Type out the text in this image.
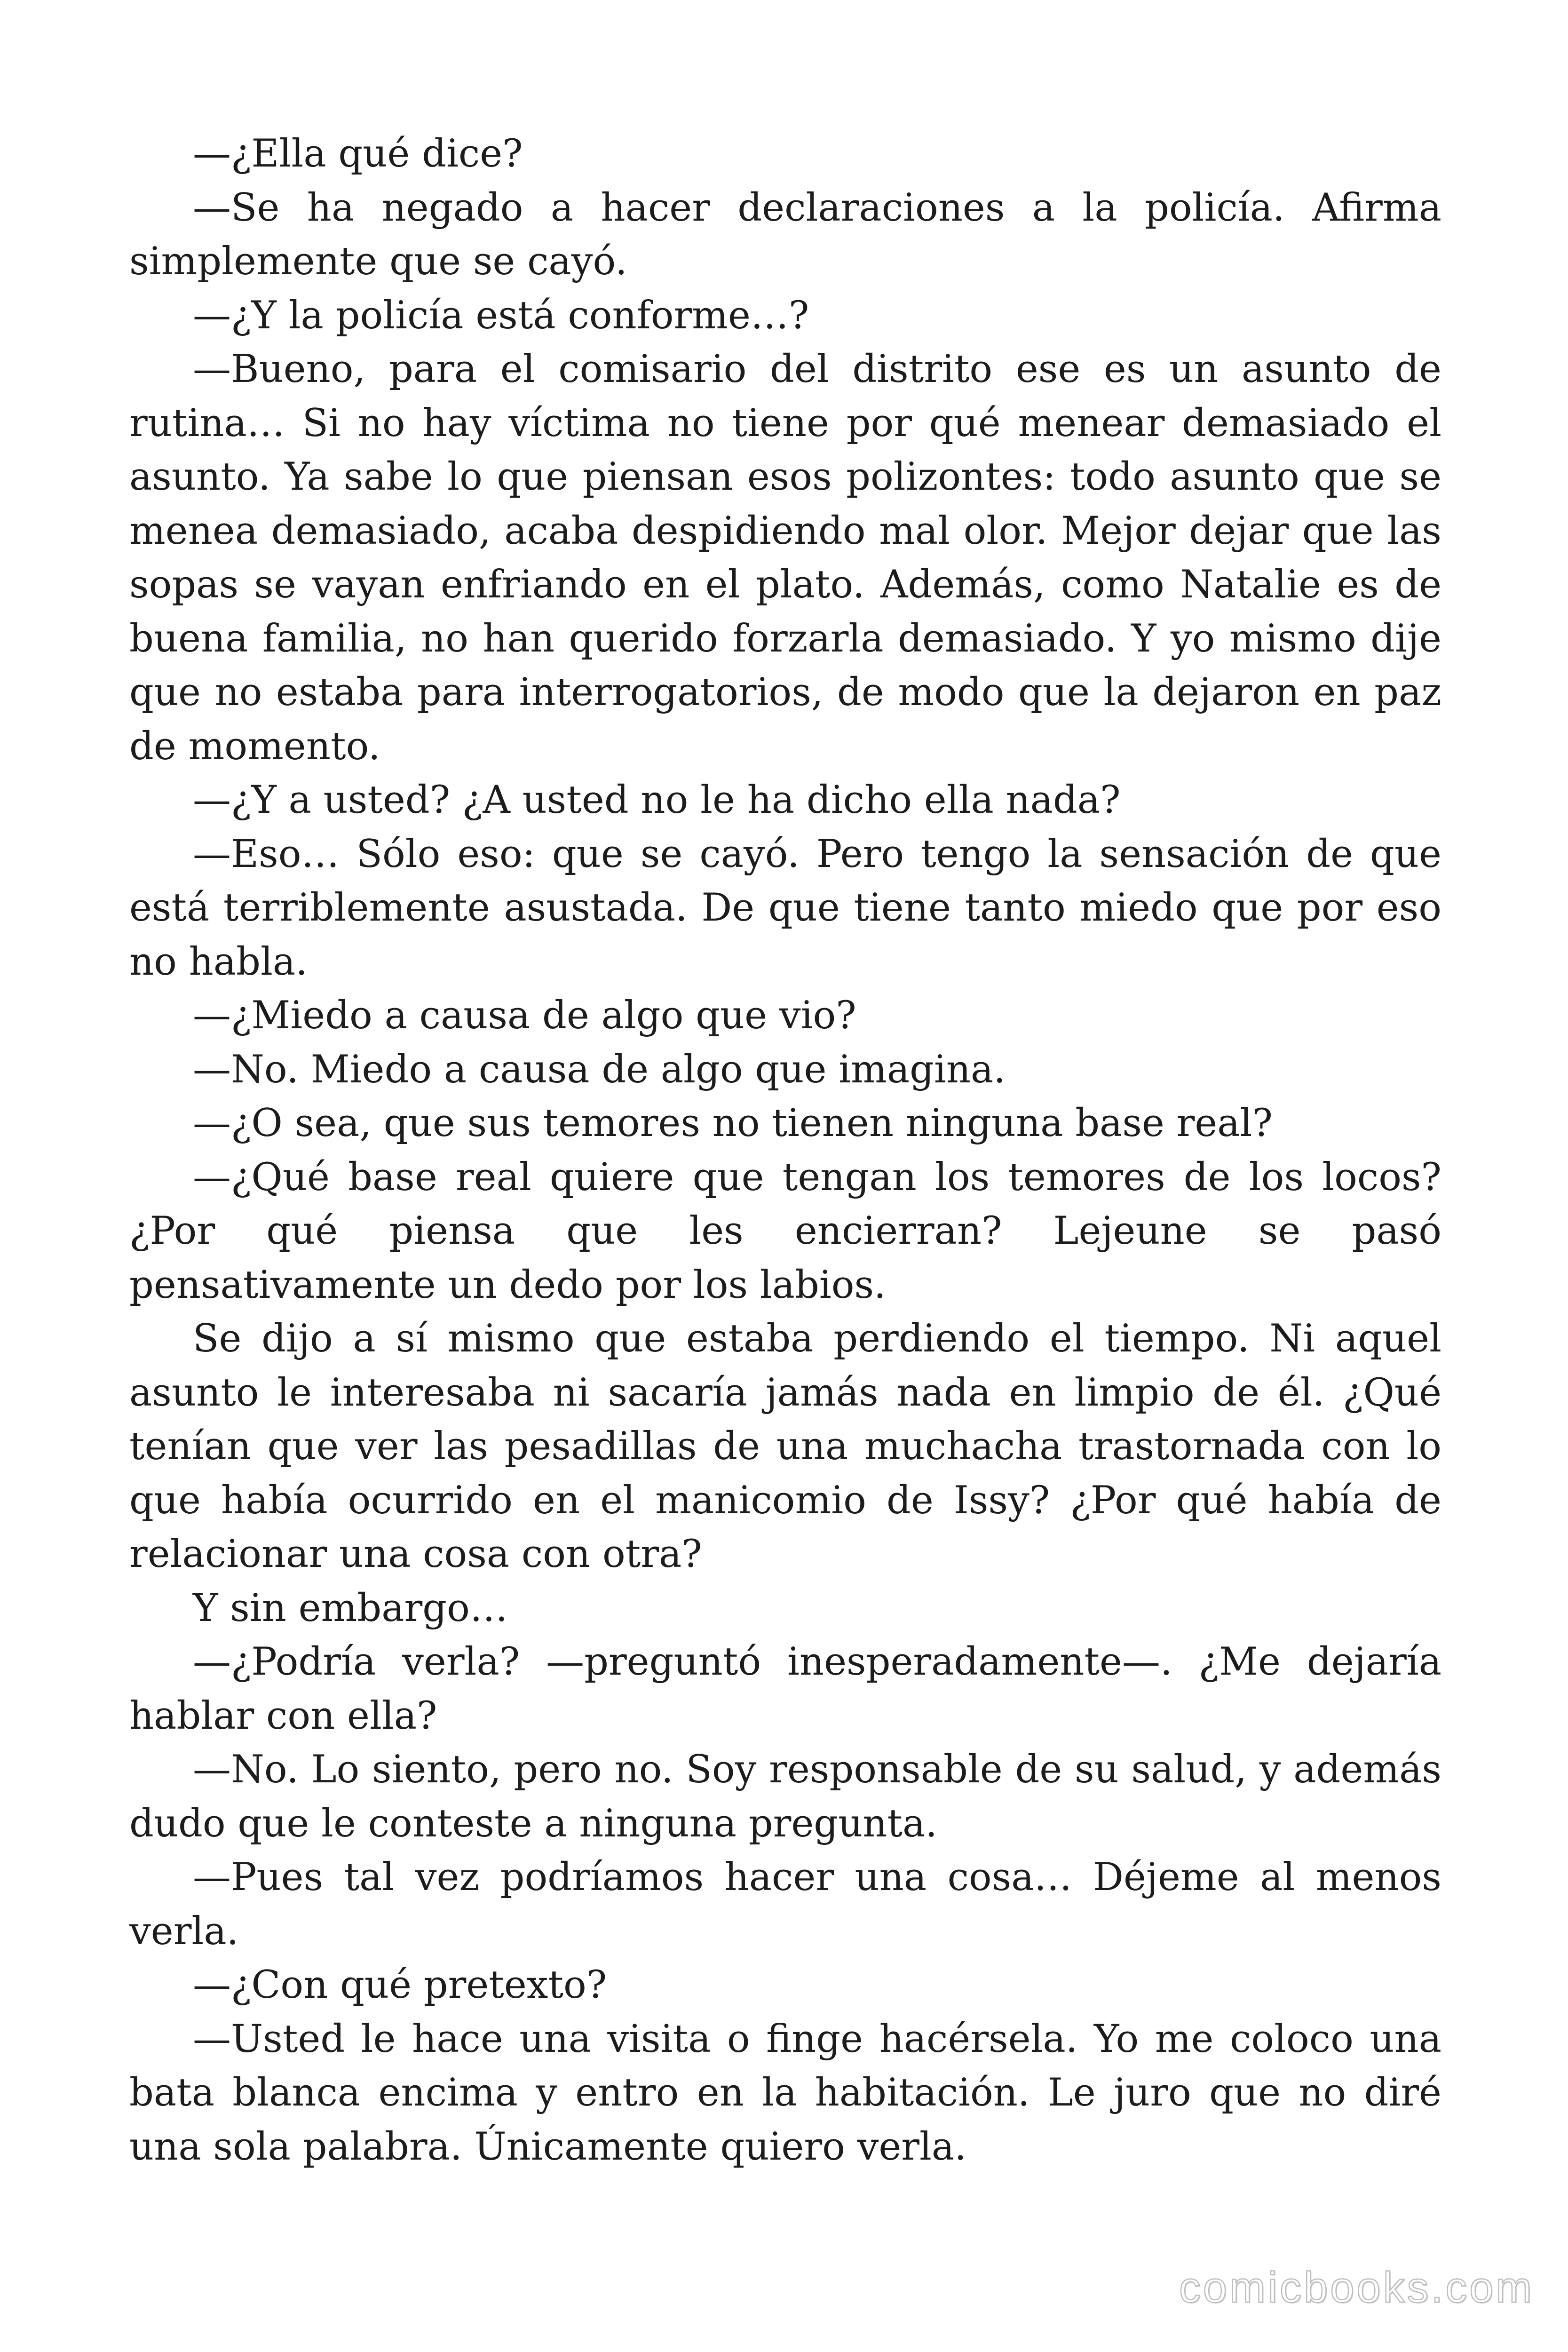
—¿Ella qué dice?

—Se ha negado a hacer declaraciones a la policía. Afirma simplemente que se cayó.

—¿Y la policía está conforme…?

—Bueno, para el comisario del distrito ese es un asunto de rutina… Si no hay víctima no tiene por qué menear demasiado el asunto. Ya sabe lo que piensan esos polizontes: todo asunto que se menea demasiado, acaba despidiendo mal olor. Mejor dejar que las sopas se vayan enfriando en el plato. Además, como Natalie es de buena familia, no han querido forzarla demasiado. Y yo mismo dije que no estaba para interrogatorios, de modo que la dejaron en paz de momento.

—¿Y a usted? ¿A usted no le ha dicho ella nada?

—Eso… Sólo eso: que se cayó. Pero tengo la sensación de que está terriblemente asustada. De que tiene tanto miedo que por eso no habla.

—¿Miedo a causa de algo que vio?

—No. Miedo a causa de algo que imagina.

—¿O sea, que sus temores no tienen ninguna base real?

—¿Qué base real quiere que tengan los temores de los locos? ¿Por qué piensa que les encierran? Lejeune se pasó pensativamente un dedo por los labios.

Se dijo a sí mismo que estaba perdiendo el tiempo. Ni aquel asunto le interesaba ni sacaría jamás nada en limpio de él. ¿Qué tenían que ver las pesadillas de una muchacha trastornada con lo que había ocurrido en el manicomio de Issy? ¿Por qué había de relacionar una cosa con otra?

Y sin embargo…

—¿Podría verla? —preguntó inesperadamente—. ¿Me dejaría hablar con ella?

—No. Lo siento, pero no. Soy responsable de su salud, y además dudo que le conteste a ninguna pregunta.

—Pues tal vez podríamos hacer una cosa… Déjeme al menos verla.

—¿Con qué pretexto?

—Usted le hace una visita o finge hacérsela. Yo me coloco una bata blanca encima y entro en la habitación. Le juro que no diré una sola palabra. Únicamente quiero verla.

comicbooks.com
